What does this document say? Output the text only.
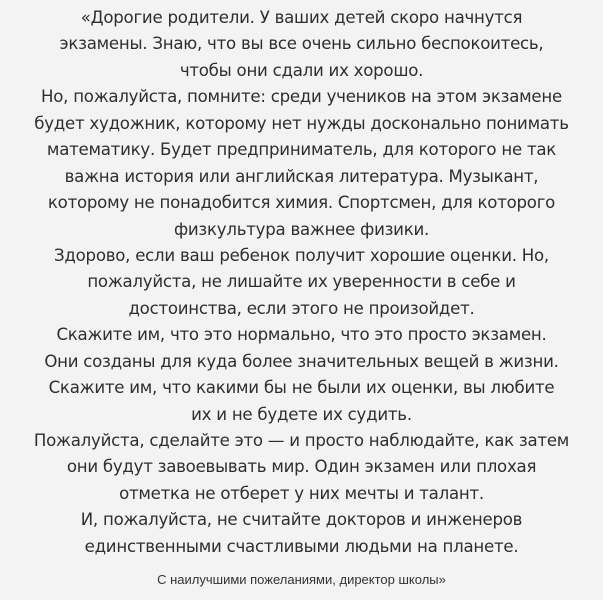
«Дорогие родители. У ваших детей скоро начнутся
экзамены. Знаю, что вы все очень сильно беспокоитесь,
чтобы они сдали их хорошо.
Но, пожалуйста, помните: среди учеников на этом экзамене
будет художник, которому нет нужды досконально понимать
математику. Будет предприниматель, для которого не так
важна история или английская литература. Музыкант,
которому не понадобится химия. Спортсмен, для которого
физкультура важнее физики.
Здорово, если ваш ребенок получит хорошие оценки. Но,
пожалуйста, не лишайте их уверенности в себе и
достоинства, если этого не произойдет.
Скажите им, что это нормально, что это просто экзамен.
Они созданы для куда более значительных вещей в жизни.
Скажите им, что какими бы не были их оценки, вы любите
их и не будете их судить.
Пожалуйста, сделайте это — и просто наблюдайте, как затем
они будут завоевывать мир. Один экзамен или плохая
отметка не отберет у них мечты и талант.
И, пожалуйста, не считайте докторов и инженеров
единственными счастливыми людьми на планете.
С наилучшими пожеланиями, директор школы»
